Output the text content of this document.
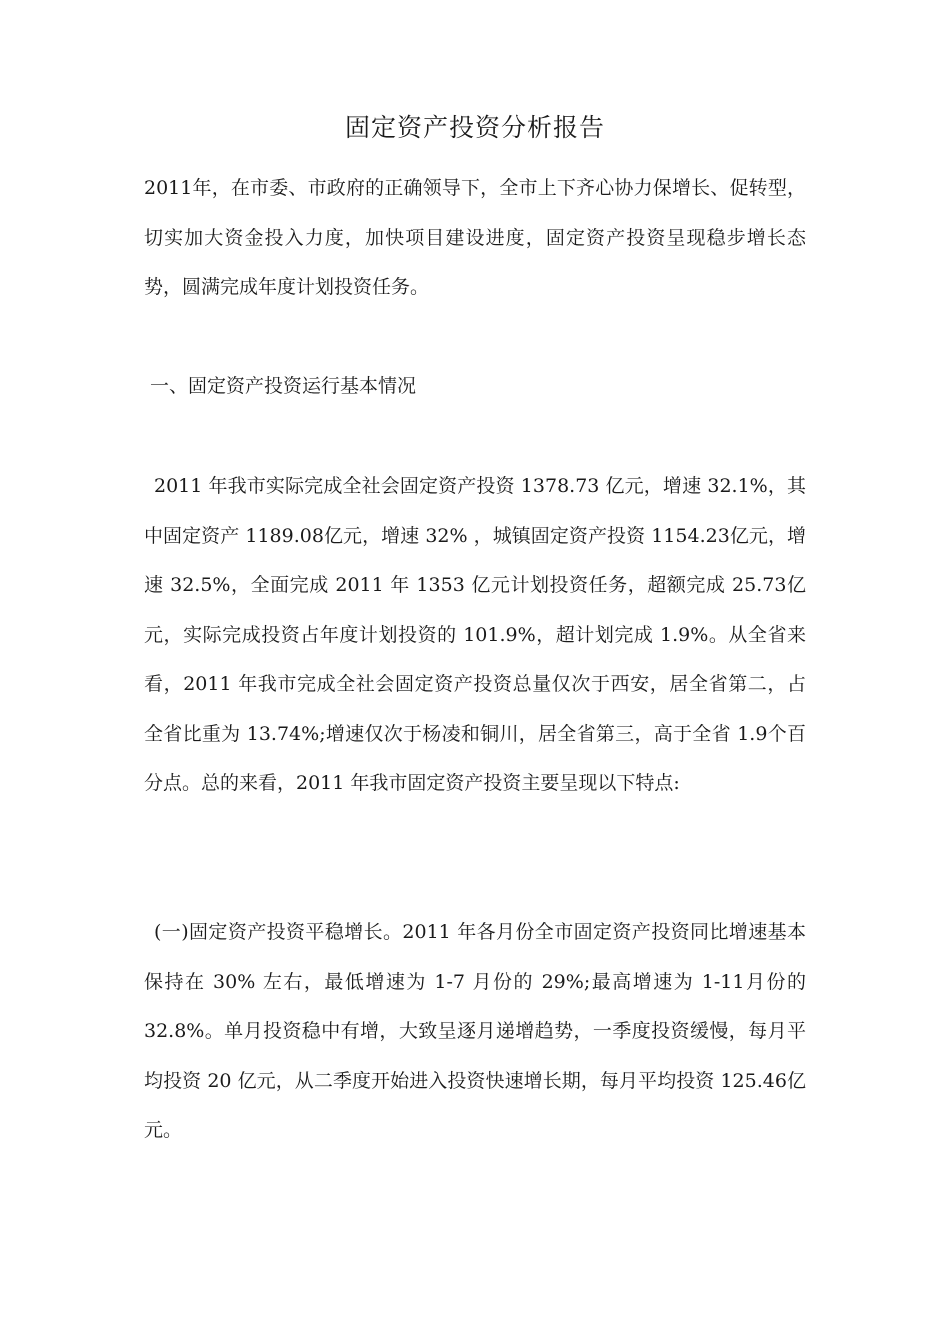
固定资产投资分析报告

2011年，在市委、市政府的正确领导下，全市上下齐心协力保增长、促转型，切实加大资金投入力度，加快项目建设进度，固定资产投资呈现稳步增长态势，圆满完成年度计划投资任务。

一、固定资产投资运行基本情况

2011 年我市实际完成全社会固定资产投资 1378.73 亿元，增速 32.1%，其中固定资产 1189.08亿元，增速 32% ，城镇固定资产投资 1154.23亿元，增速 32.5%，全面完成 2011 年 1353 亿元计划投资任务，超额完成 25.73亿元，实际完成投资占年度计划投资的 101.9%，超计划完成 1.9%。从全省来看，2011 年我市完成全社会固定资产投资总量仅次于西安，居全省第二，占全省比重为 13.74%;增速仅次于杨凌和铜川，居全省第三，高于全省 1.9个百分点。总的来看，2011 年我市固定资产投资主要呈现以下特点:

(一)固定资产投资平稳增长。2011 年各月份全市固定资产投资同比增速基本保持在 30% 左右，最低增速为 1-7 月份的 29%;最高增速为 1-11月份的 32.8%。单月投资稳中有增，大致呈逐月递增趋势，一季度投资缓慢，每月平均投资 20 亿元，从二季度开始进入投资快速增长期，每月平均投资 125.46亿元。
